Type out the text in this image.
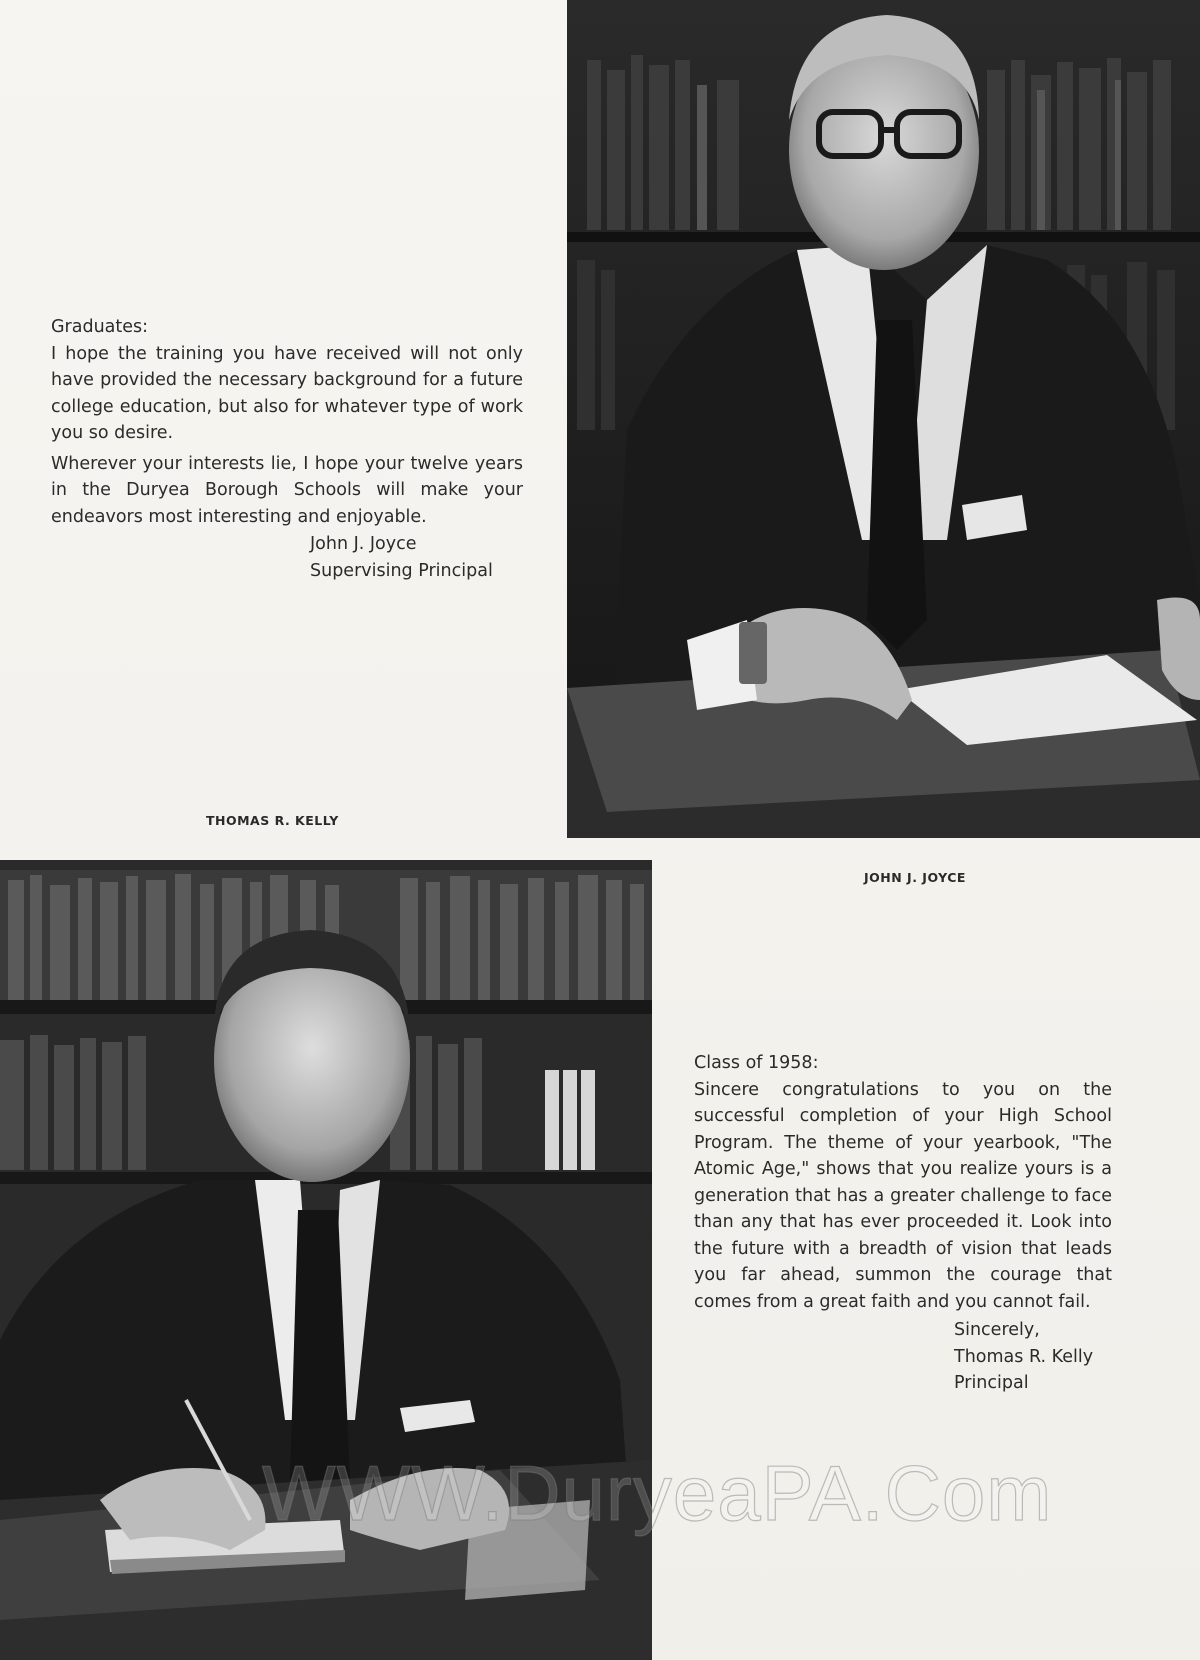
Graduates:

I hope the training you have received will not only have provided the necessary background for a future college education, but also for whatever type of work you so desire.

Wherever your interests lie, I hope your twelve years in the Duryea Borough Schools will make your endeavors most interesting and enjoyable.

John J. Joyce
Supervising Principal
THOMAS R. KELLY
JOHN J. JOYCE

Class of 1958:

Sincere congratulations to you on the successful completion of your High School Program. The theme of your yearbook, "The Atomic Age," shows that you realize yours is a generation that has a greater challenge to face than any that has ever proceeded it. Look into the future with a breadth of vision that leads you far ahead, summon the courage that comes from a great faith and you cannot fail.

Sincerely,
Thomas R. Kelly
Principal
WWW.DuryeaPA.Com
